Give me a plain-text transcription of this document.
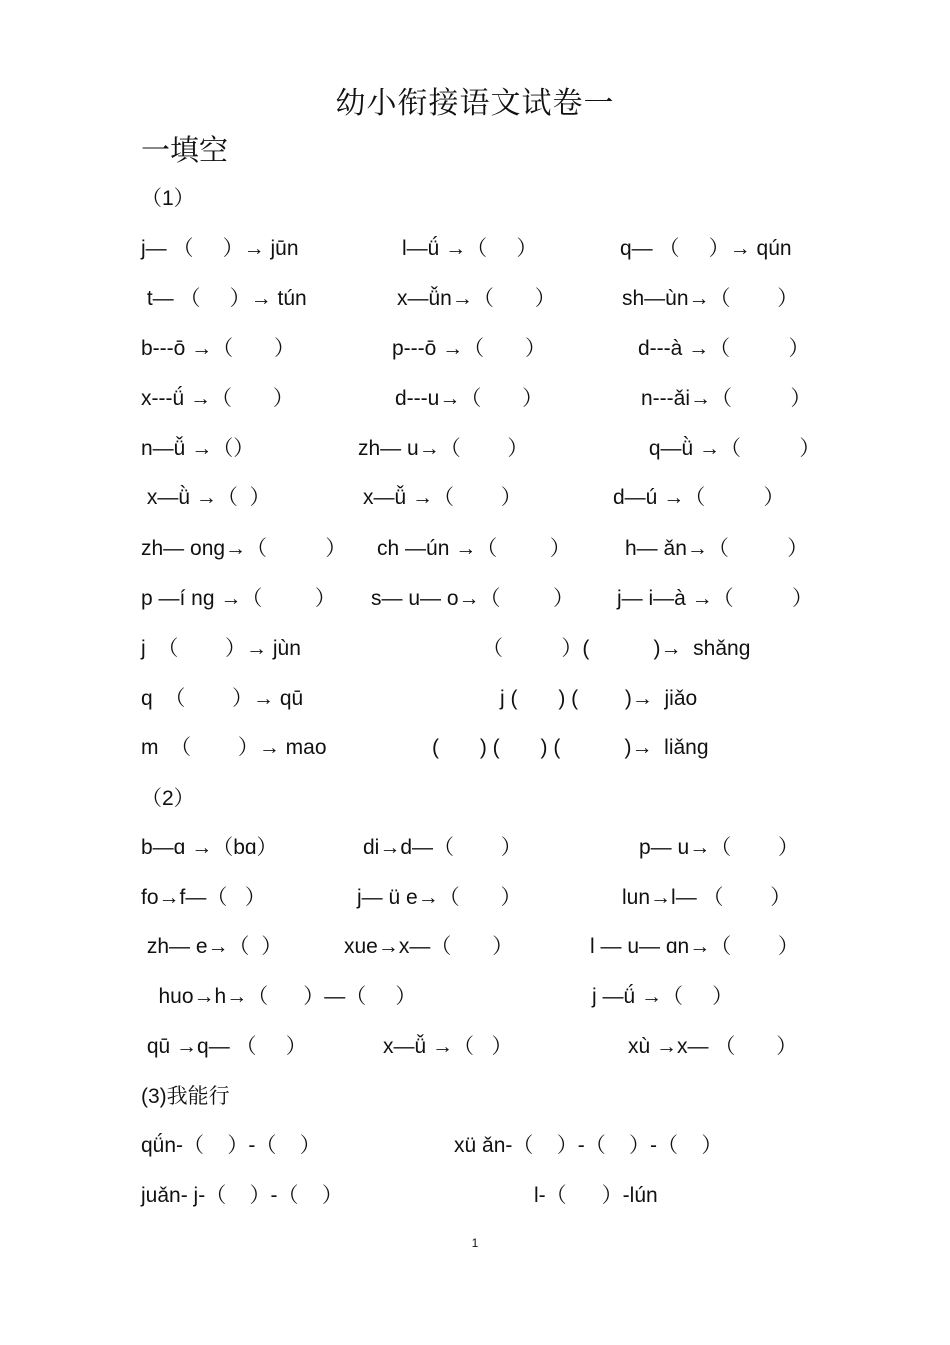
幼小衔接语文试卷一
一填空
（1）
j— （     ）→ jūn	l—ǘ →（     ）	q— （     ）→ qún
t— （     ）→ tún	x—ǚn→（       ）	sh—ùn→（        ）
b---ō →（       ）	p---ō →（       ）	d---à →（          ）
x---ǘ →（       ）	d---u→（       ）	n---ǎi→（          ）
n—ǚ →（）	zh— u→（        ）	q—ǜ →（          ）
x—ǜ →（  ）	x—ǚ →（        ）	d—ú →（          ）
zh— ong→（          ） ch —ún →（         ）	h— ǎn→（          ）
p —í ng →（         ） s— u— o→（         ） j— i—à →（          ）
j  （        ）→ jùn	（          ）(           )→  shǎng
q  （        ）→ qū	j (       ) (        )→  jiǎo
m  （        ）→ mao	(       ) (       ) (           )→  liǎng
（2）
b—ɑ →（bɑ）	di→d—（        ）	p— u→（        ）
fo→f—（   ）	j— ü e→（       ）	lun→l— （        ）
zh— e→（  ）	xue→x—（       ）	l — u— ɑn→（        ）
huo→h→（      ）—（     ）	j —ǘ →（     ）
qū →q— （     ）	x—ǚ →（   ）	xù →x— （       ）
(3)我能行
qǘn-（    ）-（    ）	xü ǎn-（    ）-（    ）-（    ）
juǎn- j-（    ）-（    ）	l-（      ）-lún
1
